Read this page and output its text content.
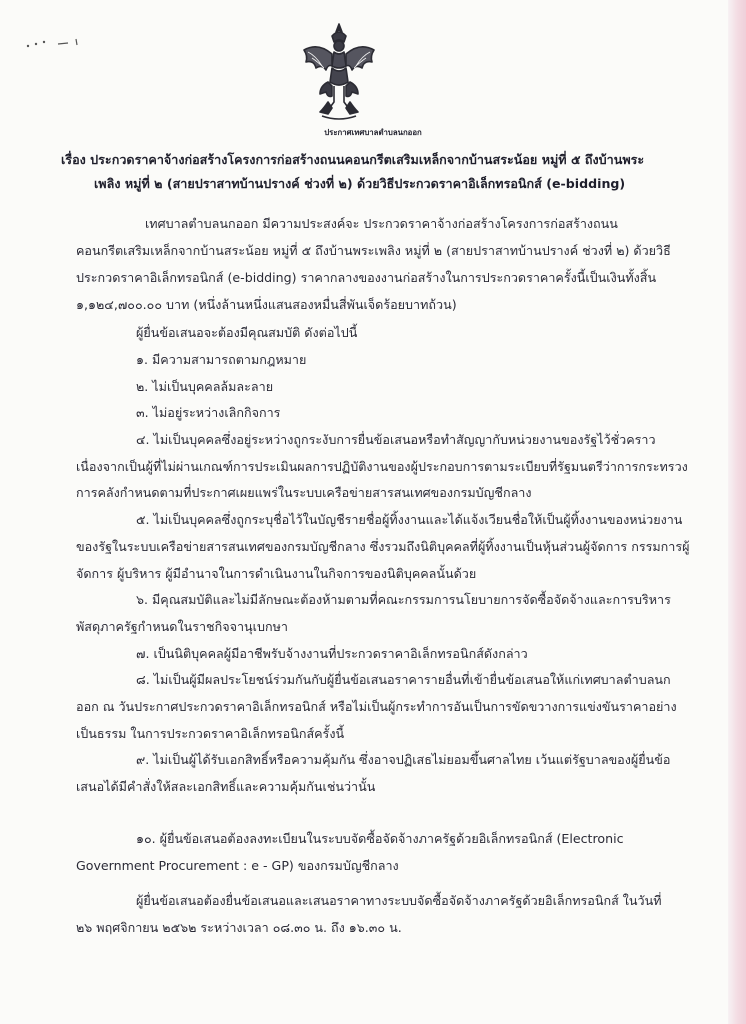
ประกาศเทศบาลตำบลนกออก
เรื่อง ประกวดราคาจ้างก่อสร้างโครงการก่อสร้างถนนคอนกรีตเสริมเหล็กจากบ้านสระน้อย หมู่ที่ ๕ ถึงบ้านพระ
เพลิง หมู่ที่ ๒ (สายปราสาทบ้านปรางค์ ช่วงที่ ๒) ด้วยวิธีประกวดราคาอิเล็กทรอนิกส์ (e-bidding)
เทศบาลตำบลนกออก มีความประสงค์จะ ประกวดราคาจ้างก่อสร้างโครงการก่อสร้างถนน
คอนกรีตเสริมเหล็กจากบ้านสระน้อย หมู่ที่ ๕ ถึงบ้านพระเพลิง หมู่ที่ ๒ (สายปราสาทบ้านปรางค์ ช่วงที่ ๒) ด้วยวิธี
ประกวดราคาอิเล็กทรอนิกส์ (e-bidding) ราคากลางของงานก่อสร้างในการประกวดราคาครั้งนี้เป็นเงินทั้งสิ้น
๑,๑๒๔,๗๐๐.๐๐ บาท (หนึ่งล้านหนึ่งแสนสองหมื่นสี่พันเจ็ดร้อยบาทถ้วน)
ผู้ยื่นข้อเสนอจะต้องมีคุณสมบัติ ดังต่อไปนี้
๑. มีความสามารถตามกฎหมาย
๒. ไม่เป็นบุคคลล้มละลาย
๓. ไม่อยู่ระหว่างเลิกกิจการ
๔. ไม่เป็นบุคคลซึ่งอยู่ระหว่างถูกระงับการยื่นข้อเสนอหรือทำสัญญากับหน่วยงานของรัฐไว้ชั่วคราว
เนื่องจากเป็นผู้ที่ไม่ผ่านเกณฑ์การประเมินผลการปฏิบัติงานของผู้ประกอบการตามระเบียบที่รัฐมนตรีว่าการกระทรวง
การคลังกำหนดตามที่ประกาศเผยแพร่ในระบบเครือข่ายสารสนเทศของกรมบัญชีกลาง
๕. ไม่เป็นบุคคลซึ่งถูกระบุชื่อไว้ในบัญชีรายชื่อผู้ทิ้งงานและได้แจ้งเวียนชื่อให้เป็นผู้ทิ้งงานของหน่วยงาน
ของรัฐในระบบเครือข่ายสารสนเทศของกรมบัญชีกลาง ซึ่งรวมถึงนิติบุคคลที่ผู้ทิ้งงานเป็นหุ้นส่วนผู้จัดการ กรรมการผู้
จัดการ ผู้บริหาร ผู้มีอำนาจในการดำเนินงานในกิจการของนิติบุคคลนั้นด้วย
๖. มีคุณสมบัติและไม่มีลักษณะต้องห้ามตามที่คณะกรรมการนโยบายการจัดซื้อจัดจ้างและการบริหาร
พัสดุภาครัฐกำหนดในราชกิจจานุเบกษา
๗. เป็นนิติบุคคลผู้มีอาชีพรับจ้างงานที่ประกวดราคาอิเล็กทรอนิกส์ดังกล่าว
๘. ไม่เป็นผู้มีผลประโยชน์ร่วมกันกับผู้ยื่นข้อเสนอราคารายอื่นที่เข้ายื่นข้อเสนอให้แก่เทศบาลตำบลนก
ออก ณ วันประกาศประกวดราคาอิเล็กทรอนิกส์ หรือไม่เป็นผู้กระทำการอันเป็นการขัดขวางการแข่งขันราคาอย่าง
เป็นธรรม ในการประกวดราคาอิเล็กทรอนิกส์ครั้งนี้
๙. ไม่เป็นผู้ได้รับเอกสิทธิ์หรือความคุ้มกัน ซึ่งอาจปฏิเสธไม่ยอมขึ้นศาลไทย เว้นแต่รัฐบาลของผู้ยื่นข้อ
เสนอได้มีคำสั่งให้สละเอกสิทธิ์และความคุ้มกันเช่นว่านั้น
๑๐. ผู้ยื่นข้อเสนอต้องลงทะเบียนในระบบจัดซื้อจัดจ้างภาครัฐด้วยอิเล็กทรอนิกส์ (Electronic
Government Procurement : e - GP) ของกรมบัญชีกลาง
ผู้ยื่นข้อเสนอต้องยื่นข้อเสนอและเสนอราคาทางระบบจัดซื้อจัดจ้างภาครัฐด้วยอิเล็กทรอนิกส์ ในวันที่
๒๖ พฤศจิกายน ๒๕๖๒ ระหว่างเวลา ๐๘.๓๐ น. ถึง ๑๖.๓๐ น.
